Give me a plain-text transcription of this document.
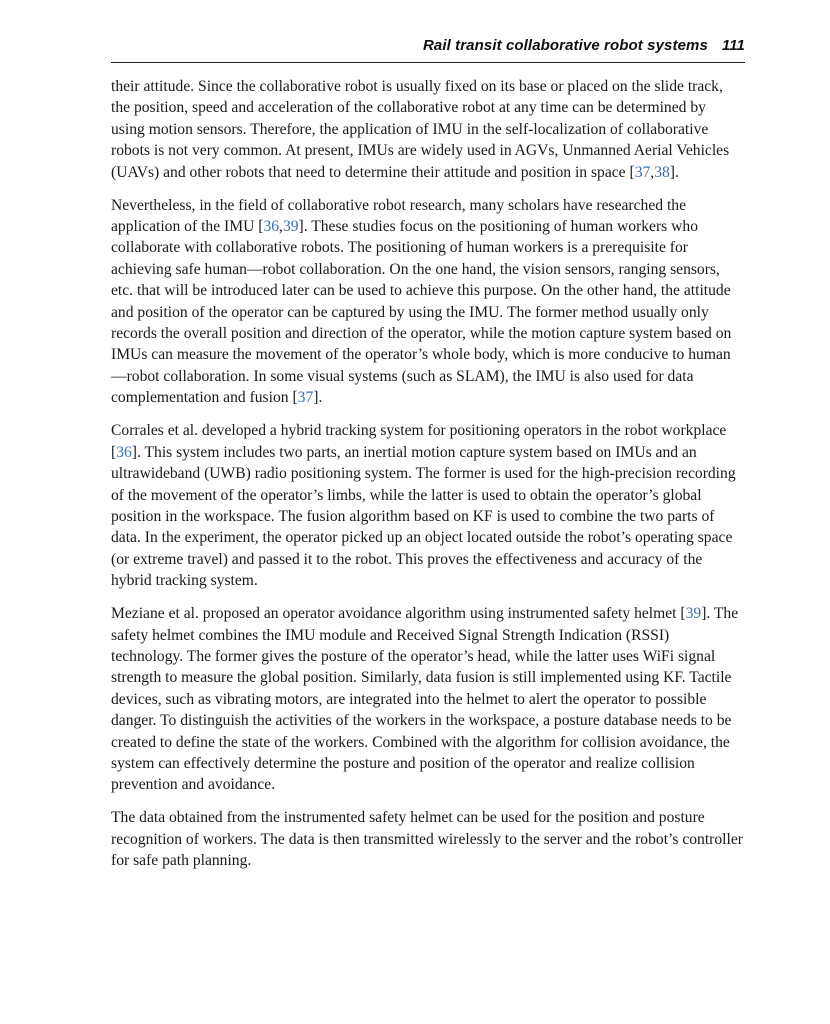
Rail transit collaborative robot systems 111

their attitude. Since the collaborative robot is usually fixed on its base or placed on the slide track, the position, speed and acceleration of the collaborative robot at any time can be determined by using motion sensors. Therefore, the application of IMU in the self-localization of collaborative robots is not very common. At present, IMUs are widely used in AGVs, Unmanned Aerial Vehicles (UAVs) and other robots that need to determine their attitude and position in space [37,38].

Nevertheless, in the field of collaborative robot research, many scholars have researched the application of the IMU [36,39]. These studies focus on the positioning of human workers who collaborate with collaborative robots. The positioning of human workers is a prerequisite for achieving safe human—robot collaboration. On the one hand, the vision sensors, ranging sensors, etc. that will be introduced later can be used to achieve this purpose. On the other hand, the attitude and position of the operator can be captured by using the IMU. The former method usually only records the overall position and direction of the operator, while the motion capture system based on IMUs can measure the movement of the operator’s whole body, which is more conducive to human—robot collaboration. In some visual systems (such as SLAM), the IMU is also used for data complementation and fusion [37].

Corrales et al. developed a hybrid tracking system for positioning operators in the robot workplace [36]. This system includes two parts, an inertial motion capture system based on IMUs and an ultrawideband (UWB) radio positioning system. The former is used for the high-precision recording of the movement of the operator’s limbs, while the latter is used to obtain the operator’s global position in the workspace. The fusion algorithm based on KF is used to combine the two parts of data. In the experiment, the operator picked up an object located outside the robot’s operating space (or extreme travel) and passed it to the robot. This proves the effectiveness and accuracy of the hybrid tracking system.

Meziane et al. proposed an operator avoidance algorithm using instrumented safety helmet [39]. The safety helmet combines the IMU module and Received Signal Strength Indication (RSSI) technology. The former gives the posture of the operator’s head, while the latter uses WiFi signal strength to measure the global position. Similarly, data fusion is still implemented using KF. Tactile devices, such as vibrating motors, are integrated into the helmet to alert the operator to possible danger. To distinguish the activities of the workers in the workspace, a posture database needs to be created to define the state of the workers. Combined with the algorithm for collision avoidance, the system can effectively determine the posture and position of the operator and realize collision prevention and avoidance.

The data obtained from the instrumented safety helmet can be used for the position and posture recognition of workers. The data is then transmitted wirelessly to the server and the robot’s controller for safe path planning.
